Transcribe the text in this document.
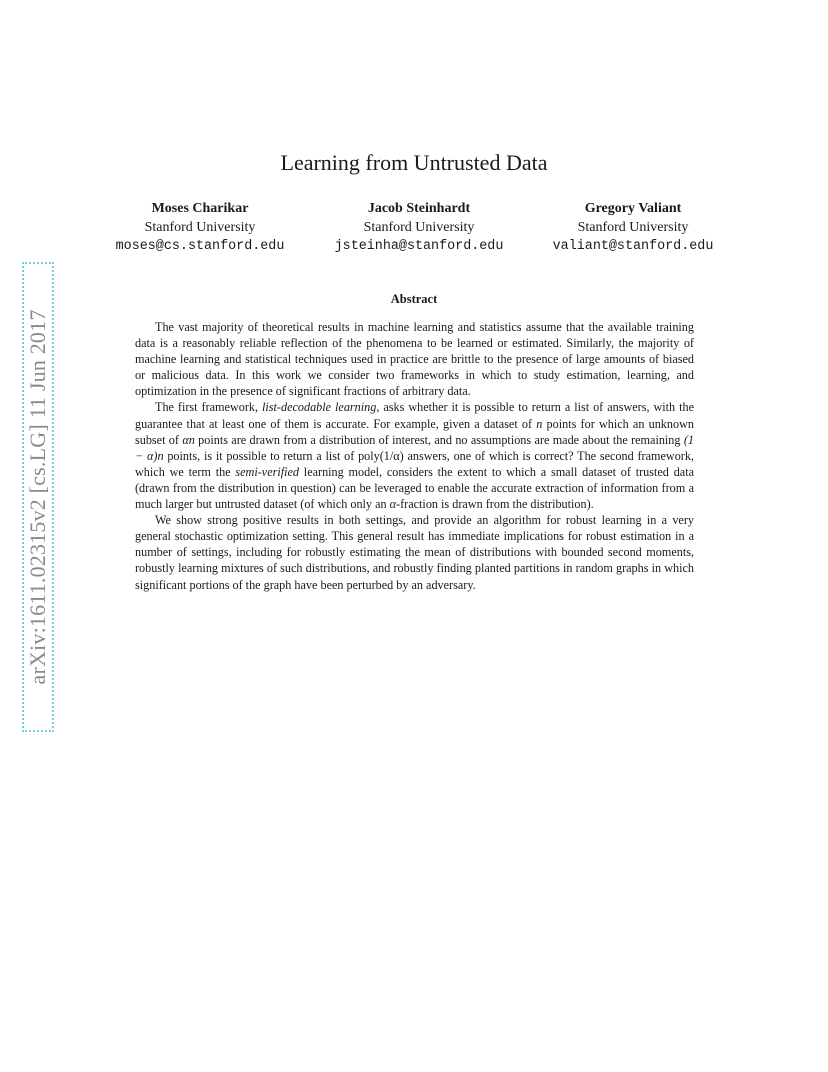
arXiv:1611.02315v2 [cs.LG] 11 Jun 2017
Learning from Untrusted Data
Moses Charikar
Stanford University
moses@cs.stanford.edu
Jacob Steinhardt
Stanford University
jsteinha@stanford.edu
Gregory Valiant
Stanford University
valiant@stanford.edu
Abstract

The vast majority of theoretical results in machine learning and statistics assume that the available training data is a reasonably reliable reflection of the phenomena to be learned or estimated. Similarly, the majority of machine learning and statistical techniques used in practice are brittle to the presence of large amounts of biased or malicious data. In this work we consider two frameworks in which to study estimation, learning, and optimization in the presence of significant fractions of arbitrary data.

The first framework, list-decodable learning, asks whether it is possible to return a list of answers, with the guarantee that at least one of them is accurate. For example, given a dataset of n points for which an unknown subset of αn points are drawn from a distribution of interest, and no assumptions are made about the remaining (1 − α)n points, is it possible to return a list of poly(1/α) answers, one of which is correct? The second framework, which we term the semi-verified learning model, considers the extent to which a small dataset of trusted data (drawn from the distribution in question) can be leveraged to enable the accurate extraction of information from a much larger but untrusted dataset (of which only an α-fraction is drawn from the distribution).

We show strong positive results in both settings, and provide an algorithm for robust learning in a very general stochastic optimization setting. This general result has immediate implications for robust estimation in a number of settings, including for robustly estimating the mean of distributions with bounded second moments, robustly learning mixtures of such distributions, and robustly finding planted partitions in random graphs in which significant portions of the graph have been perturbed by an adversary.
